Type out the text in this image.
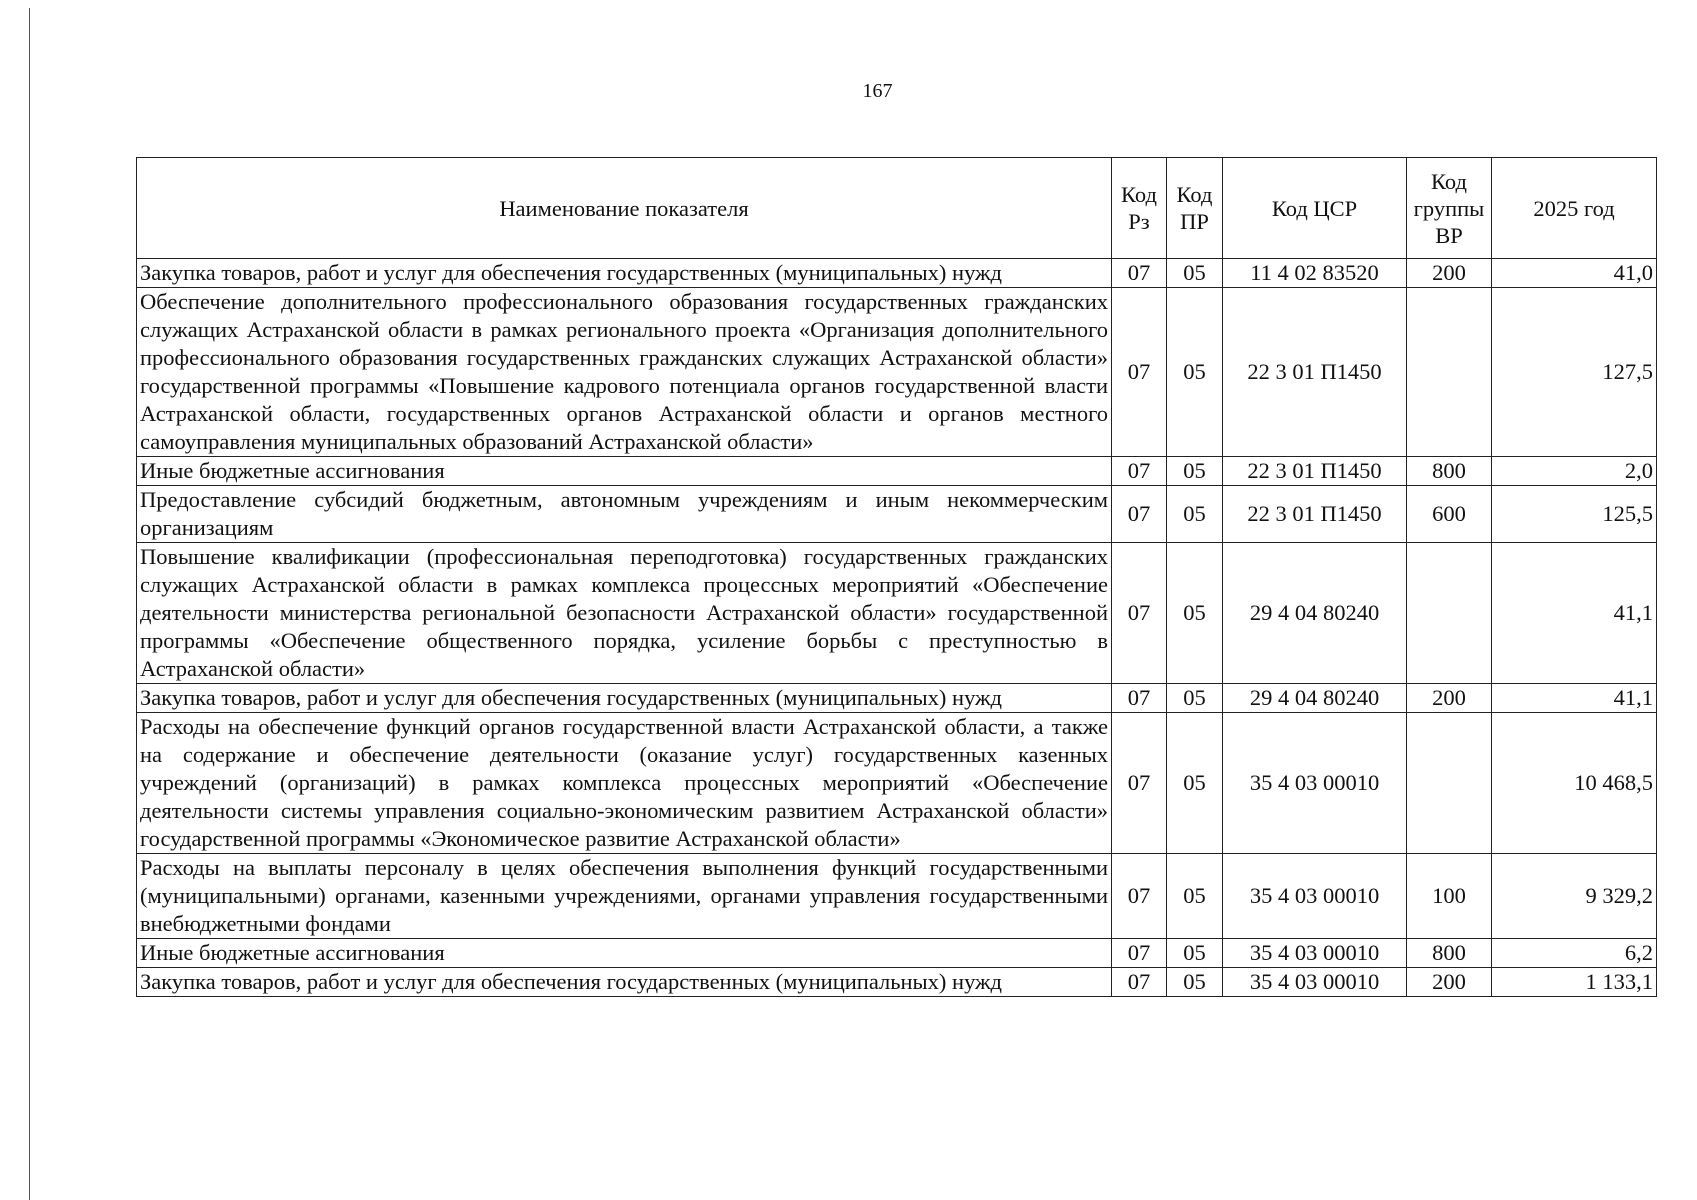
167
Наименование показателя	Код Рз	Код ПР	Код ЦСР	Код группы ВР	2025 год
Закупка товаров, работ и услуг для обеспечения государственных (муниципальных) нужд	07	05	11 4 02 83520	200	41,0
Обеспечение дополнительного профессионального образования государственных гражданских служащих Астраханской области в рамках регионального проекта «Организация дополнительного профессионального образования государственных гражданских служащих Астраханской области» государственной программы «Повышение кадрового потенциала органов государственной власти Астраханской области, государственных органов Астраханской области и органов местного самоуправления муниципальных образований Астраханской области»	07	05	22 3 01 П1450		127,5
Иные бюджетные ассигнования	07	05	22 3 01 П1450	800	2,0
Предоставление субсидий бюджетным, автономным учреждениям и иным некоммерческим организациям	07	05	22 3 01 П1450	600	125,5
Повышение квалификации (профессиональная переподготовка) государственных гражданских служащих Астраханской области в рамках комплекса процессных мероприятий «Обеспечение деятельности министерства региональной безопасности Астраханской области» государственной программы «Обеспечение общественного порядка, усиление борьбы с преступностью в Астраханской области»	07	05	29 4 04 80240		41,1
Закупка товаров, работ и услуг для обеспечения государственных (муниципальных) нужд	07	05	29 4 04 80240	200	41,1
Расходы на обеспечение функций органов государственной власти Астраханской области, а также на содержание и обеспечение деятельности (оказание услуг) государственных казенных учреждений (организаций) в рамках комплекса процессных мероприятий «Обеспечение деятельности системы управления социально-экономическим развитием Астраханской области» государственной программы «Экономическое развитие Астраханской области»	07	05	35 4 03 00010		10 468,5
Расходы на выплаты персоналу в целях обеспечения выполнения функций государственными (муниципальными) органами, казенными учреждениями, органами управления государственными внебюджетными фондами	07	05	35 4 03 00010	100	9 329,2
Иные бюджетные ассигнования	07	05	35 4 03 00010	800	6,2
Закупка товаров, работ и услуг для обеспечения государственных (муниципальных) нужд	07	05	35 4 03 00010	200	1 133,1
